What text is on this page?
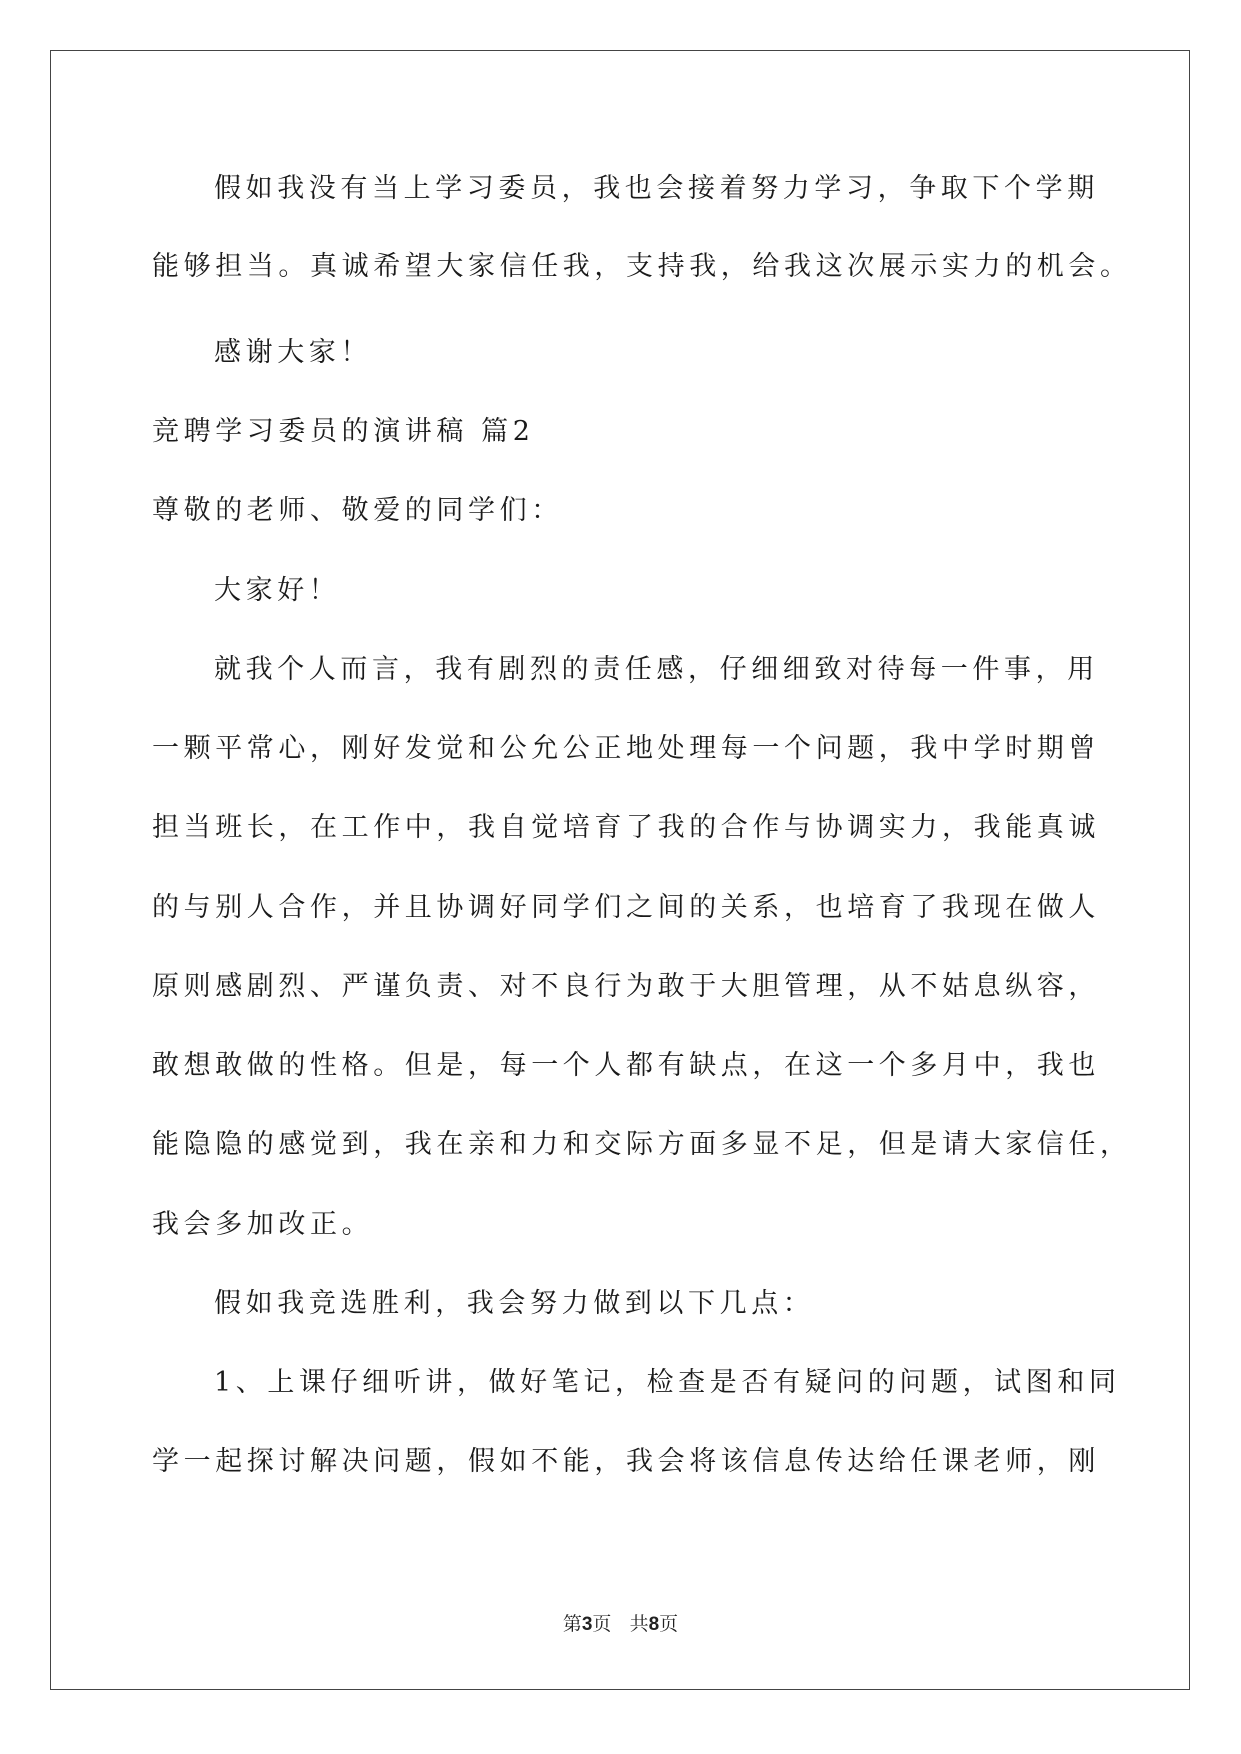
假如我没有当上学习委员，我也会接着努力学习，争取下个学期
能够担当。真诚希望大家信任我，支持我，给我这次展示实力的机会。
感谢大家！
竞聘学习委员的演讲稿 篇2
尊敬的老师、敬爱的同学们：
大家好！
就我个人而言，我有剧烈的责任感，仔细细致对待每一件事，用
一颗平常心，刚好发觉和公允公正地处理每一个问题，我中学时期曾
担当班长，在工作中，我自觉培育了我的合作与协调实力，我能真诚
的与别人合作，并且协调好同学们之间的关系，也培育了我现在做人
原则感剧烈、严谨负责、对不良行为敢于大胆管理，从不姑息纵容，
敢想敢做的性格。但是，每一个人都有缺点，在这一个多月中，我也
能隐隐的感觉到，我在亲和力和交际方面多显不足，但是请大家信任，
我会多加改正。
假如我竞选胜利，我会努力做到以下几点：
1、上课仔细听讲，做好笔记，检查是否有疑问的问题，试图和同
学一起探讨解决问题，假如不能，我会将该信息传达给任课老师，刚
第3页 共8页
